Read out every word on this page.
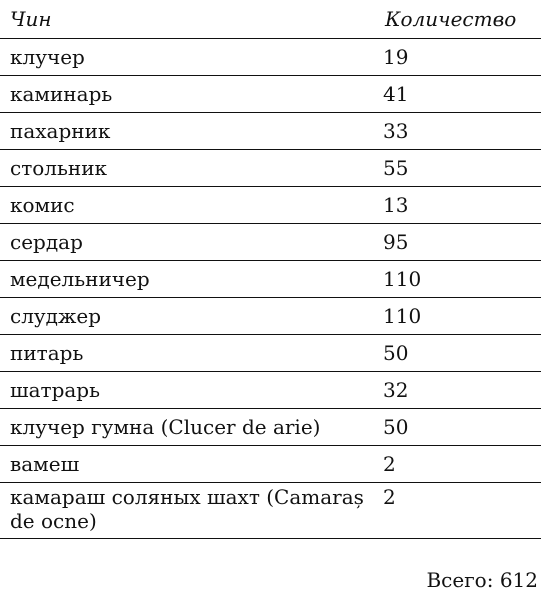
Чин	Количество
клучер	19
каминарь	41
пахарник	33
стольник	55
комис	13
сердар	95
медельничер	110
слуджер	110
питарь	50
шатрарь	32
клучер гумна (Clucer de arie)	50
вамеш	2
камараш соляных шахт (Camaraș de ocne)	2
Всего: 612
